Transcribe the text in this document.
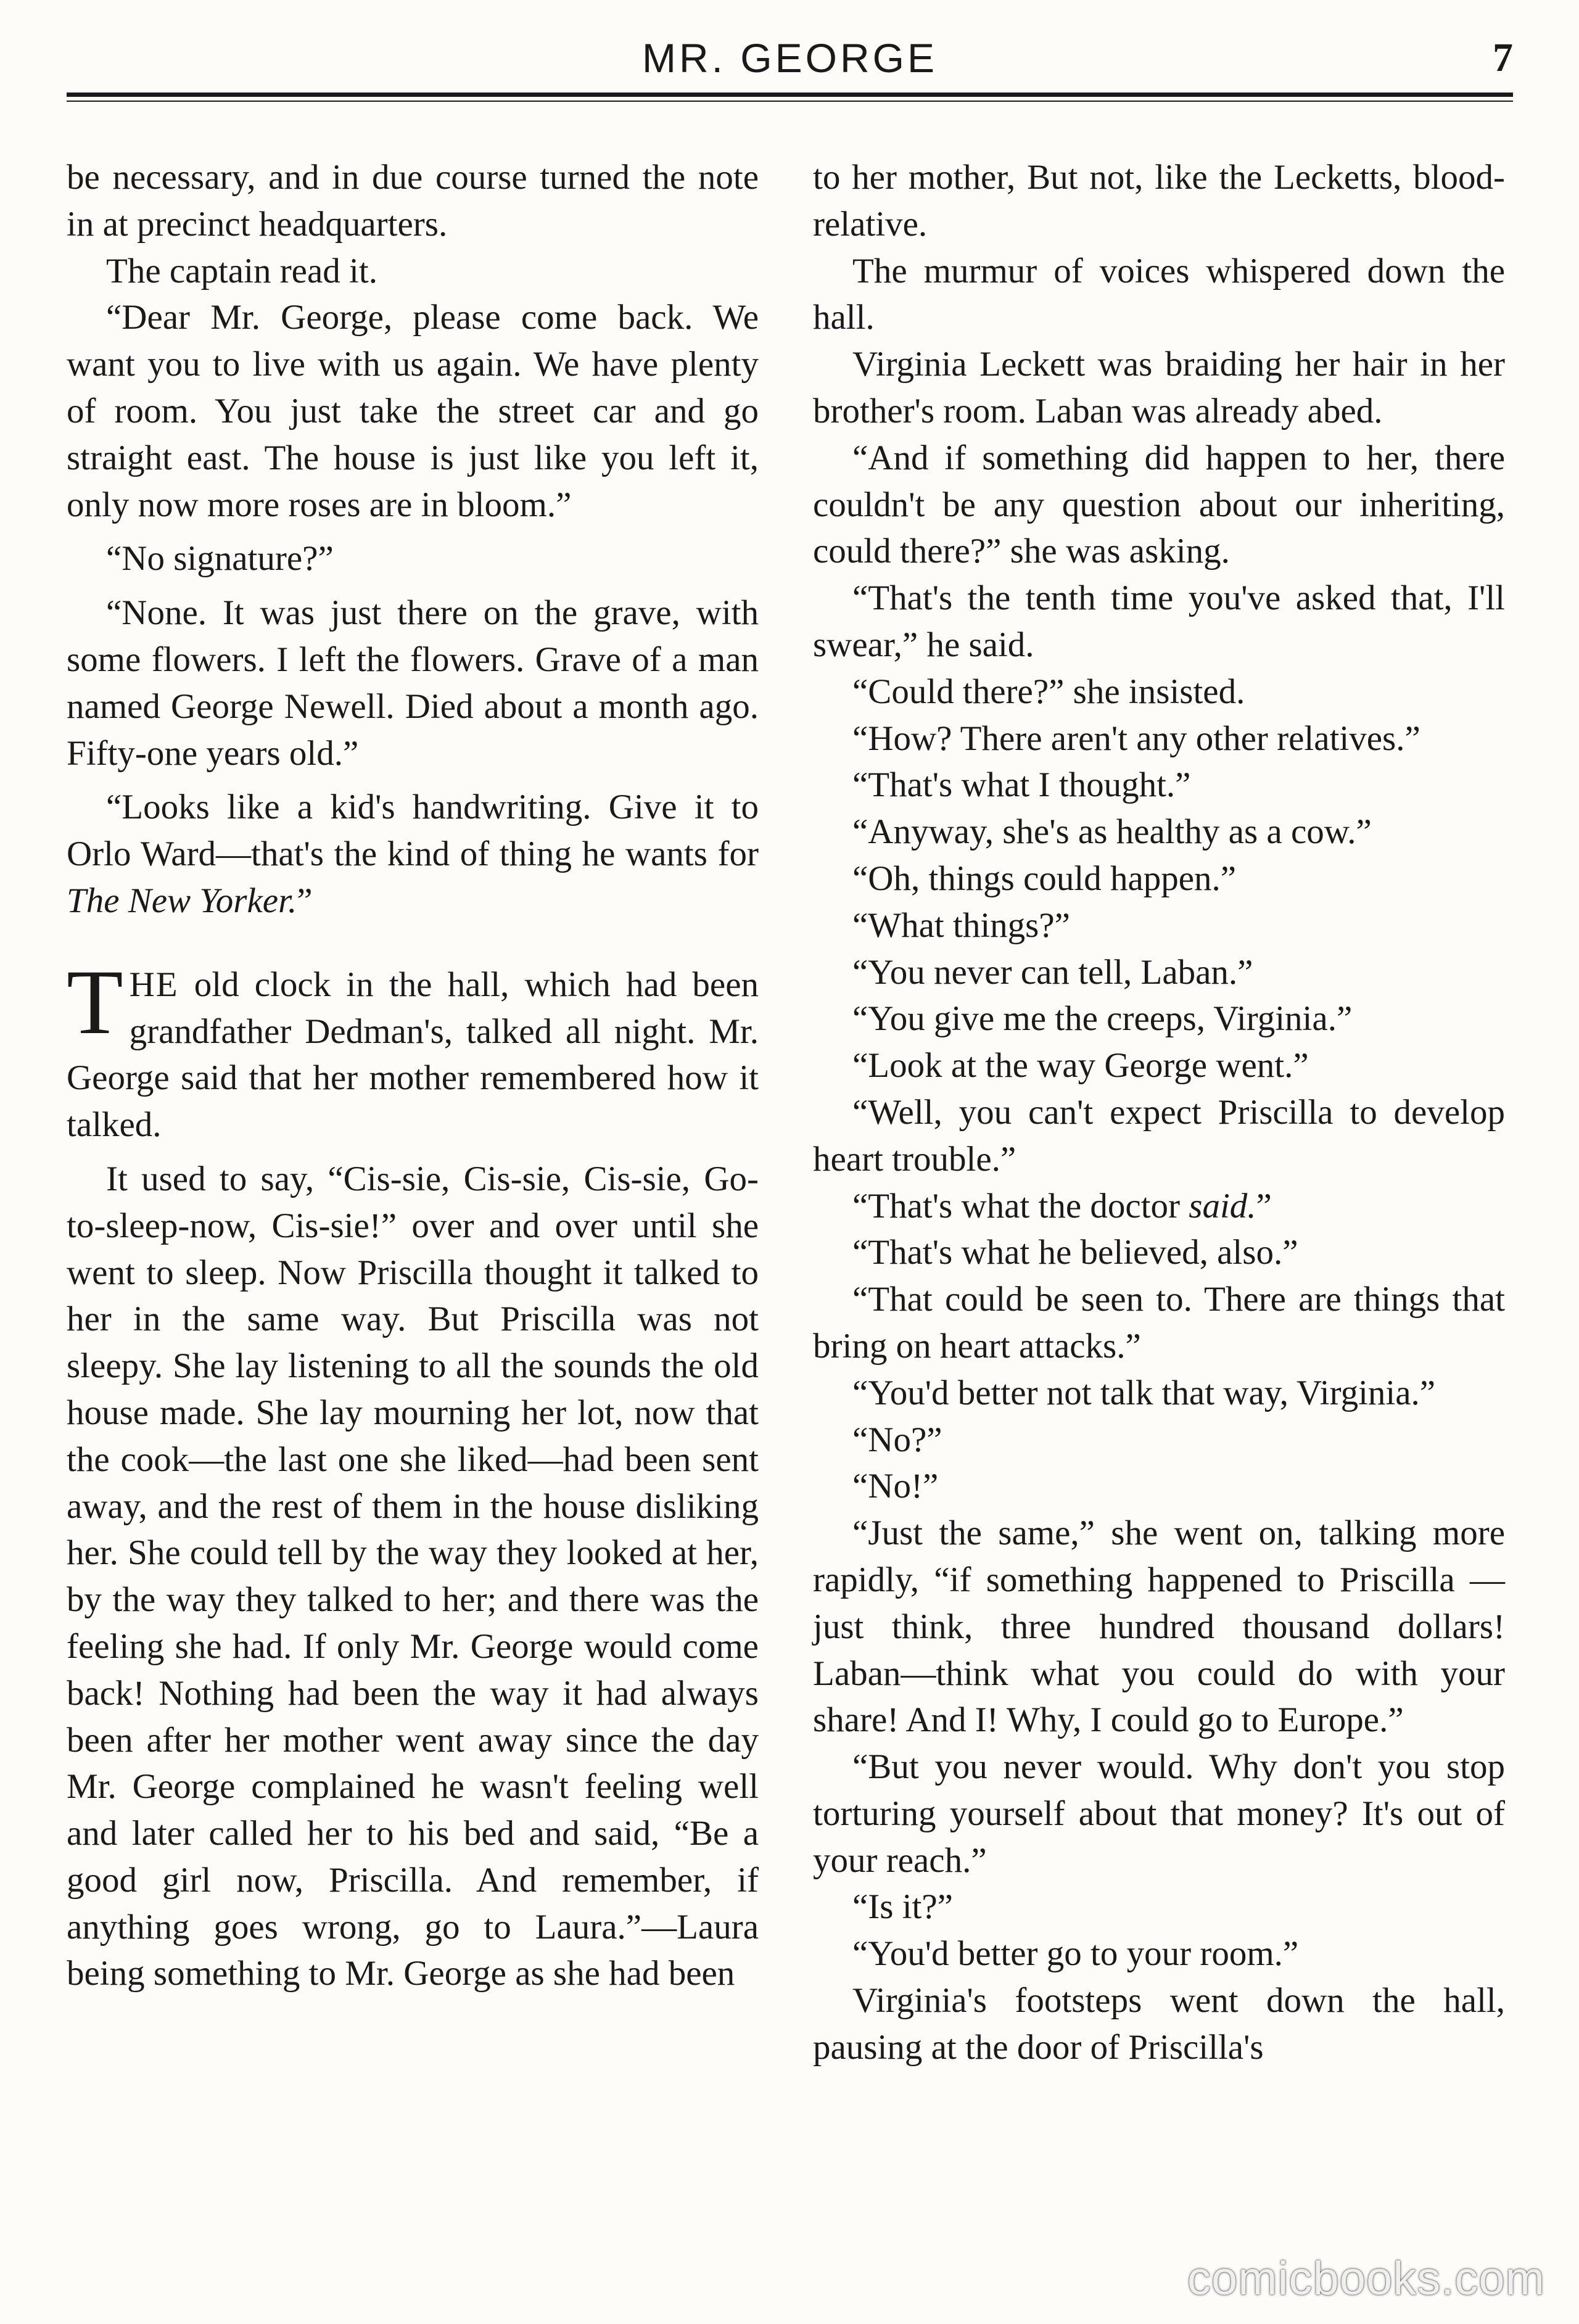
MR. GEORGE	7

be necessary, and in due course turned the note in at precinct headquarters.

The captain read it.

“Dear Mr. George, please come back. We want you to live with us again. We have plenty of room. You just take the street car and go straight east. The house is just like you left it, only now more roses are in bloom.”

“No signature?”

“None. It was just there on the grave, with some flowers. I left the flowers. Grave of a man named George Newell. Died about a month ago. Fifty-one years old.”

“Looks like a kid's handwriting. Give it to Orlo Ward—that's the kind of thing he wants for The New Yorker.”

THE old clock in the hall, which had been grandfather Dedman's, talked all night. Mr. George said that her mother remembered how it talked.

It used to say, “Cis-sie, Cis-sie, Cis-sie, Go-to-sleep-now, Cis-sie!” over and over until she went to sleep. Now Priscilla thought it talked to her in the same way. But Priscilla was not sleepy. She lay listening to all the sounds the old house made. She lay mourning her lot, now that the cook—the last one she liked—had been sent away, and the rest of them in the house disliking her. She could tell by the way they looked at her, by the way they talked to her; and there was the feeling she had. If only Mr. George would come back! Nothing had been the way it had always been after her mother went away since the day Mr. George complained he wasn't feeling well and later called her to his bed and said, “Be a good girl now, Priscilla. And remember, if anything goes wrong, go to Laura.”—Laura being something to Mr. George as she had been

to her mother, But not, like the Lecketts, blood-relative.

The murmur of voices whispered down the hall.

Virginia Leckett was braiding her hair in her brother's room. Laban was already abed.

“And if something did happen to her, there couldn't be any question about our inheriting, could there?” she was asking.

“That's the tenth time you've asked that, I'll swear,” he said.

“Could there?” she insisted.

“How? There aren't any other relatives.”

“That's what I thought.”

“Anyway, she's as healthy as a cow.”

“Oh, things could happen.”

“What things?”

“You never can tell, Laban.”

“You give me the creeps, Virginia.”

“Look at the way George went.”

“Well, you can't expect Priscilla to develop heart trouble.”

“That's what the doctor said.”

“That's what he believed, also.”

“That could be seen to. There are things that bring on heart attacks.”

“You'd better not talk that way, Virginia.”

“No?”

“No!”

“Just the same,” she went on, talking more rapidly, “if something happened to Priscilla — just think, three hundred thousand dollars! Laban—think what you could do with your share! And I! Why, I could go to Europe.”

“But you never would. Why don't you stop torturing yourself about that money? It's out of your reach.”

“Is it?”

“You'd better go to your room.”

Virginia's footsteps went down the hall, pausing at the door of Priscilla's

comicbooks.com
